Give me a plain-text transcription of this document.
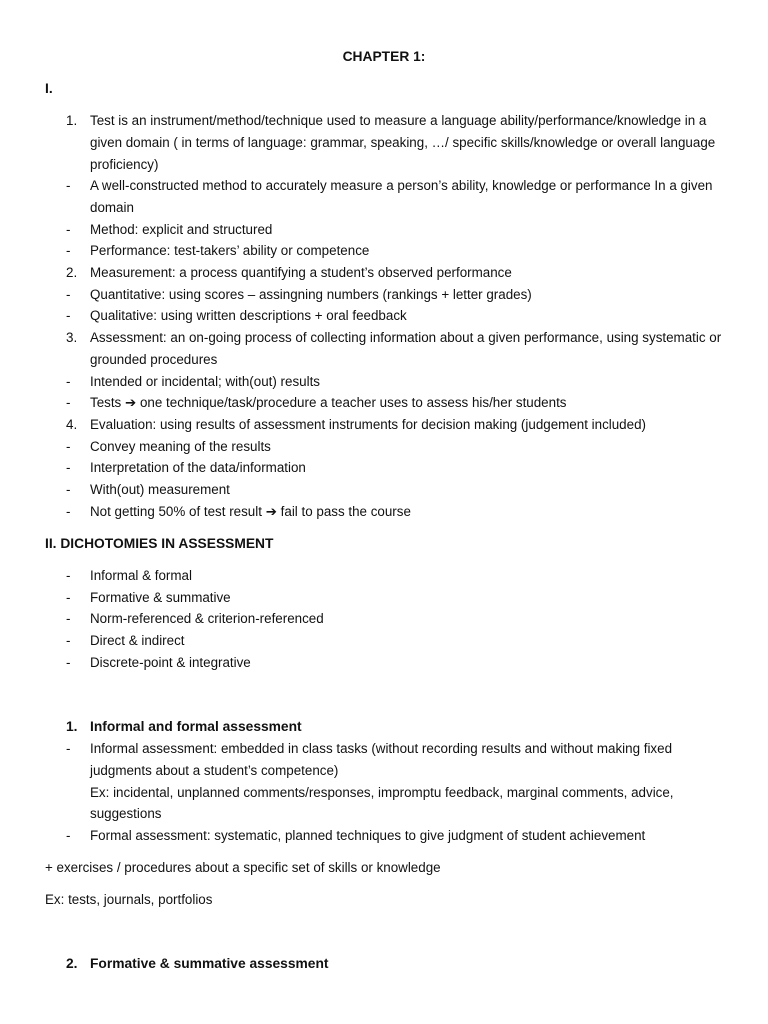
CHAPTER 1:
I.
1. Test is an instrument/method/technique used to measure a language ability/performance/knowledge in a given domain ( in terms of language: grammar, speaking, …/ specific skills/knowledge or overall language proficiency)
-	A well-constructed method to accurately measure a person’s ability, knowledge or performance In a given domain
-	Method: explicit and structured
-	Performance: test-takers’ ability or competence
2. Measurement: a process quantifying a student’s observed performance
-	Quantitative: using scores – assingning numbers (rankings + letter grades)
-	Qualitative: using written descriptions + oral feedback
3. Assessment: an on-going process of collecting information about a given performance, using systematic or grounded procedures
-	Intended or incidental; with(out) results
-	Tests ➔ one technique/task/procedure a teacher uses to assess his/her students
4. Evaluation: using results of assessment instruments for decision making (judgement included)
-	Convey meaning of the results
-	Interpretation of the data/information
-	With(out) measurement
-	Not getting 50% of test result ➔ fail to pass the course
II. DICHOTOMIES IN ASSESSMENT
-	Informal & formal
-	Formative & summative
-	Norm-referenced & criterion-referenced
-	Direct & indirect
-	Discrete-point & integrative
1. Informal and formal assessment
-	Informal assessment: embedded in class tasks (without recording results and without making fixed judgments about a student’s competence)
Ex: incidental, unplanned comments/responses, impromptu feedback, marginal comments, advice, suggestions
-	Formal assessment: systematic, planned techniques to give judgment of student achievement
+ exercises / procedures about a specific set of skills or knowledge
Ex: tests, journals, portfolios
2. Formative & summative assessment
